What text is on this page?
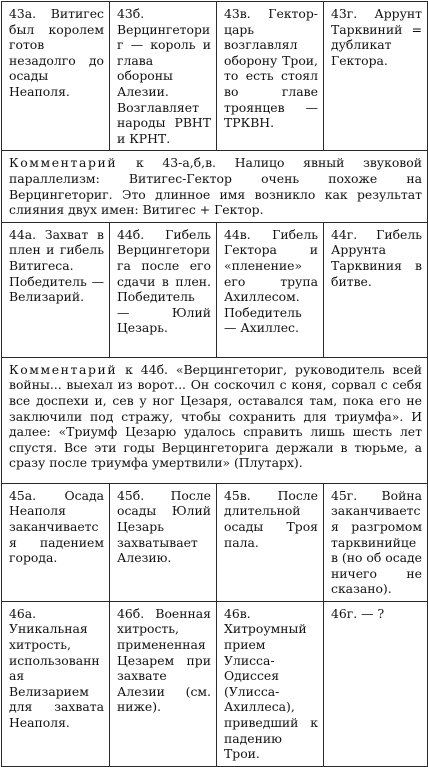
43а. Витигес был королем готов незадолго до осады Неаполя.	43б. Верцингеториг — король и глава обороны Алезии. Возглавляет народы РВНТ и КРНТ.	43в. Гектор-царь возглавлял оборону Трои, то есть стоял во главе троянцев — ТРКВН.	43г. Аррунт Тарквиний = дубликат Гектора.

Комментарий к 43-а,б,в. Налицо явный звуковой параллелизм: Витигес-Гектор очень похоже на Верцингеториг. Это длинное имя возникло как результат слияния двух имен: Витигес + Гектор.			

44а. Захват в плен и гибель Витигеса. Победитель — Велизарий.	44б. Гибель Верцингеторига после его сдачи в плен. Победитель — Юлий Цезарь.	44в. Гибель Гектора и «пленение» его трупа Ахиллесом. Победитель — Ахиллес.	44г. Гибель Аррунта Тарквиния в битве.

Комментарий к 44б. «Верцингеториг, руководитель всей войны... выехал из ворот... Он соскочил с коня, сорвал с себя все доспехи и, сев у ног Цезаря, оставался там, пока его не заключили под стражу, чтобы сохранить для триумфа». И далее: «Триумф Цезарю удалось справить лишь шесть лет спустя. Все эти годы Верцингеторига держали в тюрьме, а сразу после триумфа умертвили» (Плутарх).			

45а. Осада Неаполя заканчивается падением города.	45б. После осады Юлий Цезарь захватывает Алезию.	45в. После длительной осады Троя пала.	45г. Война заканчивается разгромом тарквинийцев (но об осаде ничего не сказано).

46а. Уникальная хитрость, использованная Велизарием для захвата Неаполя.	46б. Военная хитрость, примененная Цезарем при захвате Алезии (см. ниже).	46в. Хитроумный прием Улисса-Одиссея (Улисса-Ахиллеса), приведший к падению Трои.	46г. — ?
